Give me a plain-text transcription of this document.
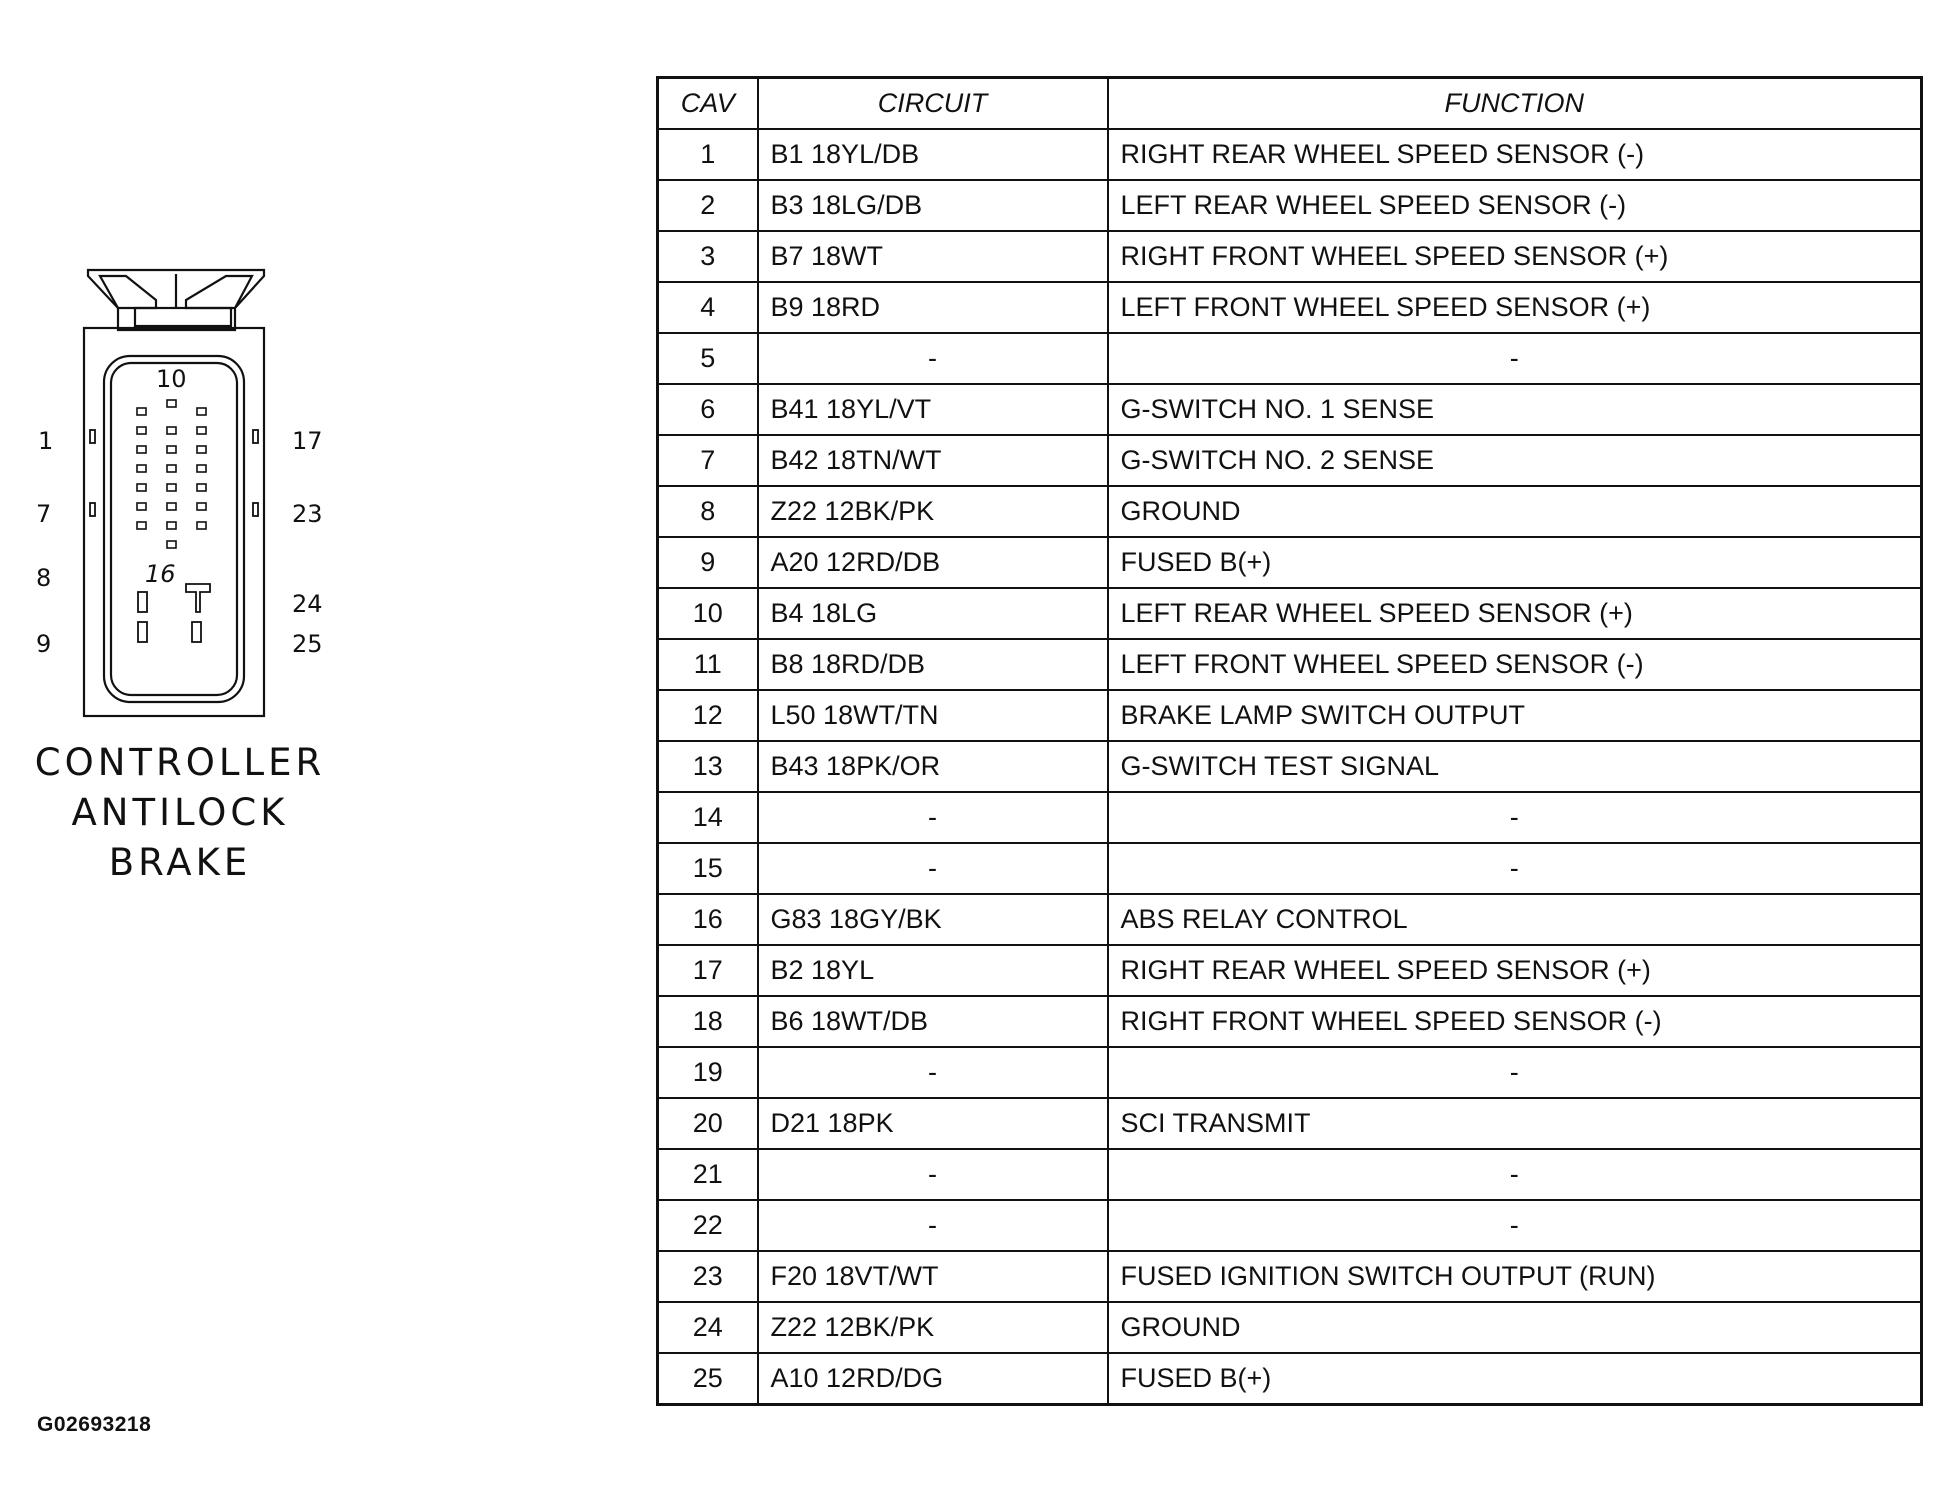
10
16
1
7
8
9
17
23
24
25
CONTROLLER
ANTILOCK
BRAKE
CAV	CIRCUIT	FUNCTION
1	B1 18YL/DB	RIGHT REAR WHEEL SPEED SENSOR (-)
2	B3 18LG/DB	LEFT REAR WHEEL SPEED SENSOR (-)
3	B7 18WT	RIGHT FRONT WHEEL SPEED SENSOR (+)
4	B9 18RD	LEFT FRONT WHEEL SPEED SENSOR (+)
5	-	-
6	B41 18YL/VT	G-SWITCH NO. 1 SENSE
7	B42 18TN/WT	G-SWITCH NO. 2 SENSE
8	Z22 12BK/PK	GROUND
9	A20 12RD/DB	FUSED B(+)
10	B4 18LG	LEFT REAR WHEEL SPEED SENSOR (+)
11	B8 18RD/DB	LEFT FRONT WHEEL SPEED SENSOR (-)
12	L50 18WT/TN	BRAKE LAMP SWITCH OUTPUT
13	B43 18PK/OR	G-SWITCH TEST SIGNAL
14	-	-
15	-	-
16	G83 18GY/BK	ABS RELAY CONTROL
17	B2 18YL	RIGHT REAR WHEEL SPEED SENSOR (+)
18	B6 18WT/DB	RIGHT FRONT WHEEL SPEED SENSOR (-)
19	-	-
20	D21 18PK	SCI TRANSMIT
21	-	-
22	-	-
23	F20 18VT/WT	FUSED IGNITION SWITCH OUTPUT (RUN)
24	Z22 12BK/PK	GROUND
25	A10 12RD/DG	FUSED B(+)
G02693218
